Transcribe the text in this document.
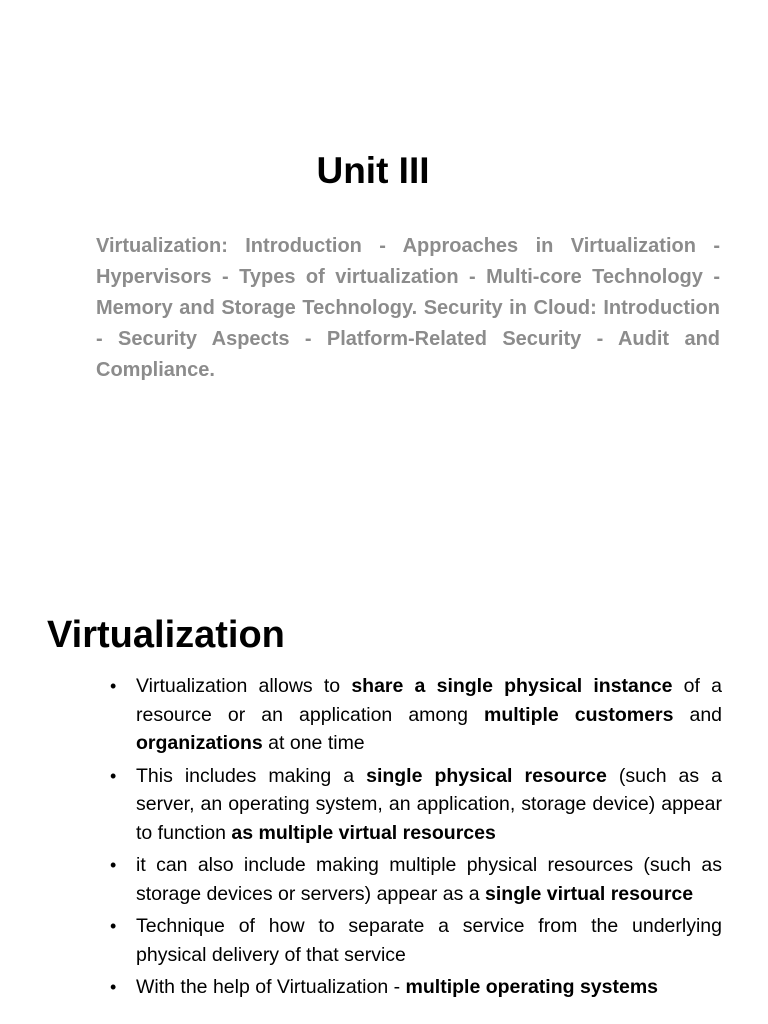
Unit III

Virtualization: Introduction - Approaches in Virtualization - Hypervisors - Types of virtualization - Multi-core Technology - Memory and Storage Technology. Security in Cloud: Introduction - Security Aspects - Platform-Related Security - Audit and Compliance.

Virtualization
• Virtualization allows to share a single physical instance of a resource or an application among multiple customers and organizations at one time
• This includes making a single physical resource (such as a server, an operating system, an application, storage device) appear to function as multiple virtual resources
• it can also include making multiple physical resources (such as storage devices or servers) appear as a single virtual resource
• Technique of how to separate a service from the underlying physical delivery of that service
• With the help of Virtualization - multiple operating systems
